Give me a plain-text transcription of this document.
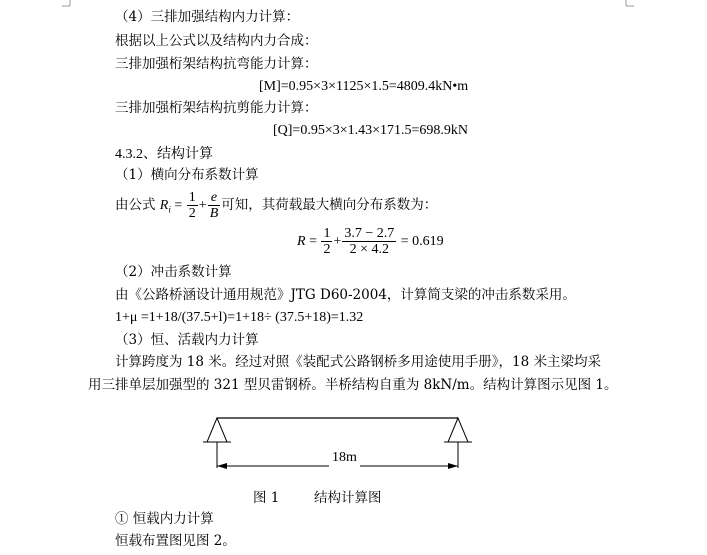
（4）三排加强结构内力计算：
根据以上公式以及结构内力合成：
三排加强桁架结构抗弯能力计算：
[M]=0.95×3×1125×1.5=4809.4kN•m
三排加强桁架结构抗剪能力计算：
[Q]=0.95×3×1.43×171.5=698.9kN
4.3.2、结构计算
（1）横向分布系数计算
由公式 $R_i = \frac{1}{2} + \frac{e}{B}$ 可知，其荷载最大横向分布系数为：
$R = \frac{1}{2} + \frac{3.7 - 2.7}{2 \times 4.2} = 0.619$
（2）冲击系数计算
由《公路桥涵设计通用规范》JTG D60-2004，计算简支梁的冲击系数采用。
1+μ =1+18/(37.5+l)=1+18÷ (37.5+18)=1.32
（3）恒、活载内力计算
计算跨度为 18 米。经过对照《装配式公路钢桥多用途使用手册》，18 米主梁均采
用三排单层加强型的 321 型贝雷钢桥。半桥结构自重为 8kN/m。结构计算图示见图 1。
18m
图 1	结构计算图
① 恒载内力计算
恒载布置图见图 2。
